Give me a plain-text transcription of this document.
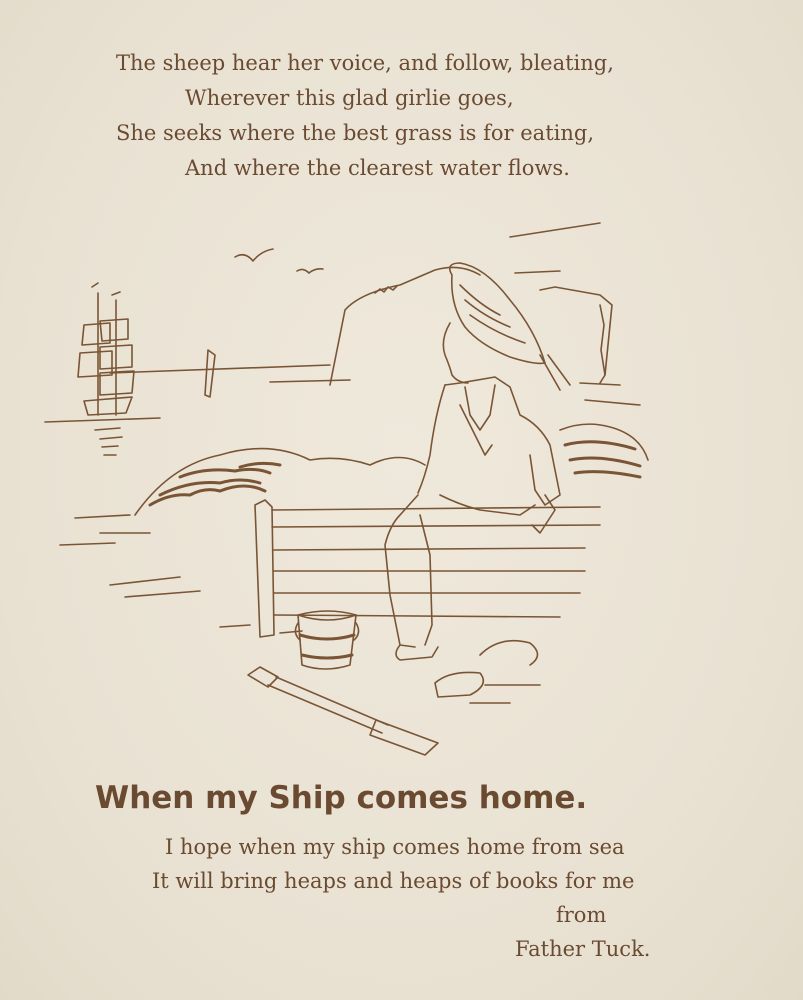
The sheep hear her voice, and follow, bleating,
Wherever this glad girlie goes,
She seeks where the best grass is for eating,
And where the clearest water flows.
When my Ship comes home.
I hope when my ship comes home from sea
It will bring heaps and heaps of books for me
from
Father Tuck.
